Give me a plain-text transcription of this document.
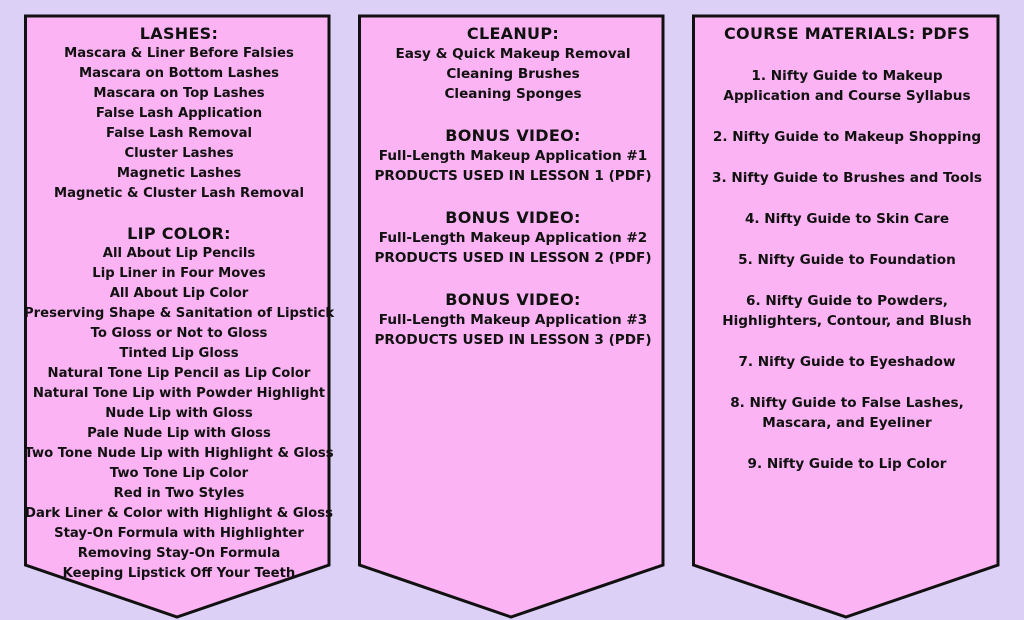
LASHES:
Mascara & Liner Before Falsies
Mascara on Bottom Lashes
Mascara on Top Lashes
False Lash Application
False Lash Removal
Cluster Lashes
Magnetic Lashes
Magnetic & Cluster Lash Removal
LIP COLOR:
All About Lip Pencils
Lip Liner in Four Moves
All About Lip Color
Preserving Shape & Sanitation of Lipstick
To Gloss or Not to Gloss
Tinted Lip Gloss
Natural Tone Lip Pencil as Lip Color
Natural Tone Lip with Powder Highlight
Nude Lip with Gloss
Pale Nude Lip with Gloss
Two Tone Nude Lip with Highlight & Gloss
Two Tone Lip Color
Red in Two Styles
Dark Liner & Color with Highlight & Gloss
Stay-On Formula with Highlighter
Removing Stay-On Formula
Keeping Lipstick Off Your Teeth
CLEANUP:
Easy & Quick Makeup Removal
Cleaning Brushes
Cleaning Sponges
BONUS VIDEO:
Full-Length Makeup Application #1
PRODUCTS USED IN LESSON 1 (PDF)
BONUS VIDEO:
Full-Length Makeup Application #2
PRODUCTS USED IN LESSON 2 (PDF)
BONUS VIDEO:
Full-Length Makeup Application #3
PRODUCTS USED IN LESSON 3 (PDF)
COURSE MATERIALS: PDFS
1. Nifty Guide to Makeup Application and Course Syllabus
2. Nifty Guide to Makeup Shopping
3. Nifty Guide to Brushes and Tools
4. Nifty Guide to Skin Care
5. Nifty Guide to Foundation
6. Nifty Guide to Powders, Highlighters, Contour, and Blush
7. Nifty Guide to Eyeshadow
8. Nifty Guide to False Lashes, Mascara, and Eyeliner
9. Nifty Guide to Lip Color
